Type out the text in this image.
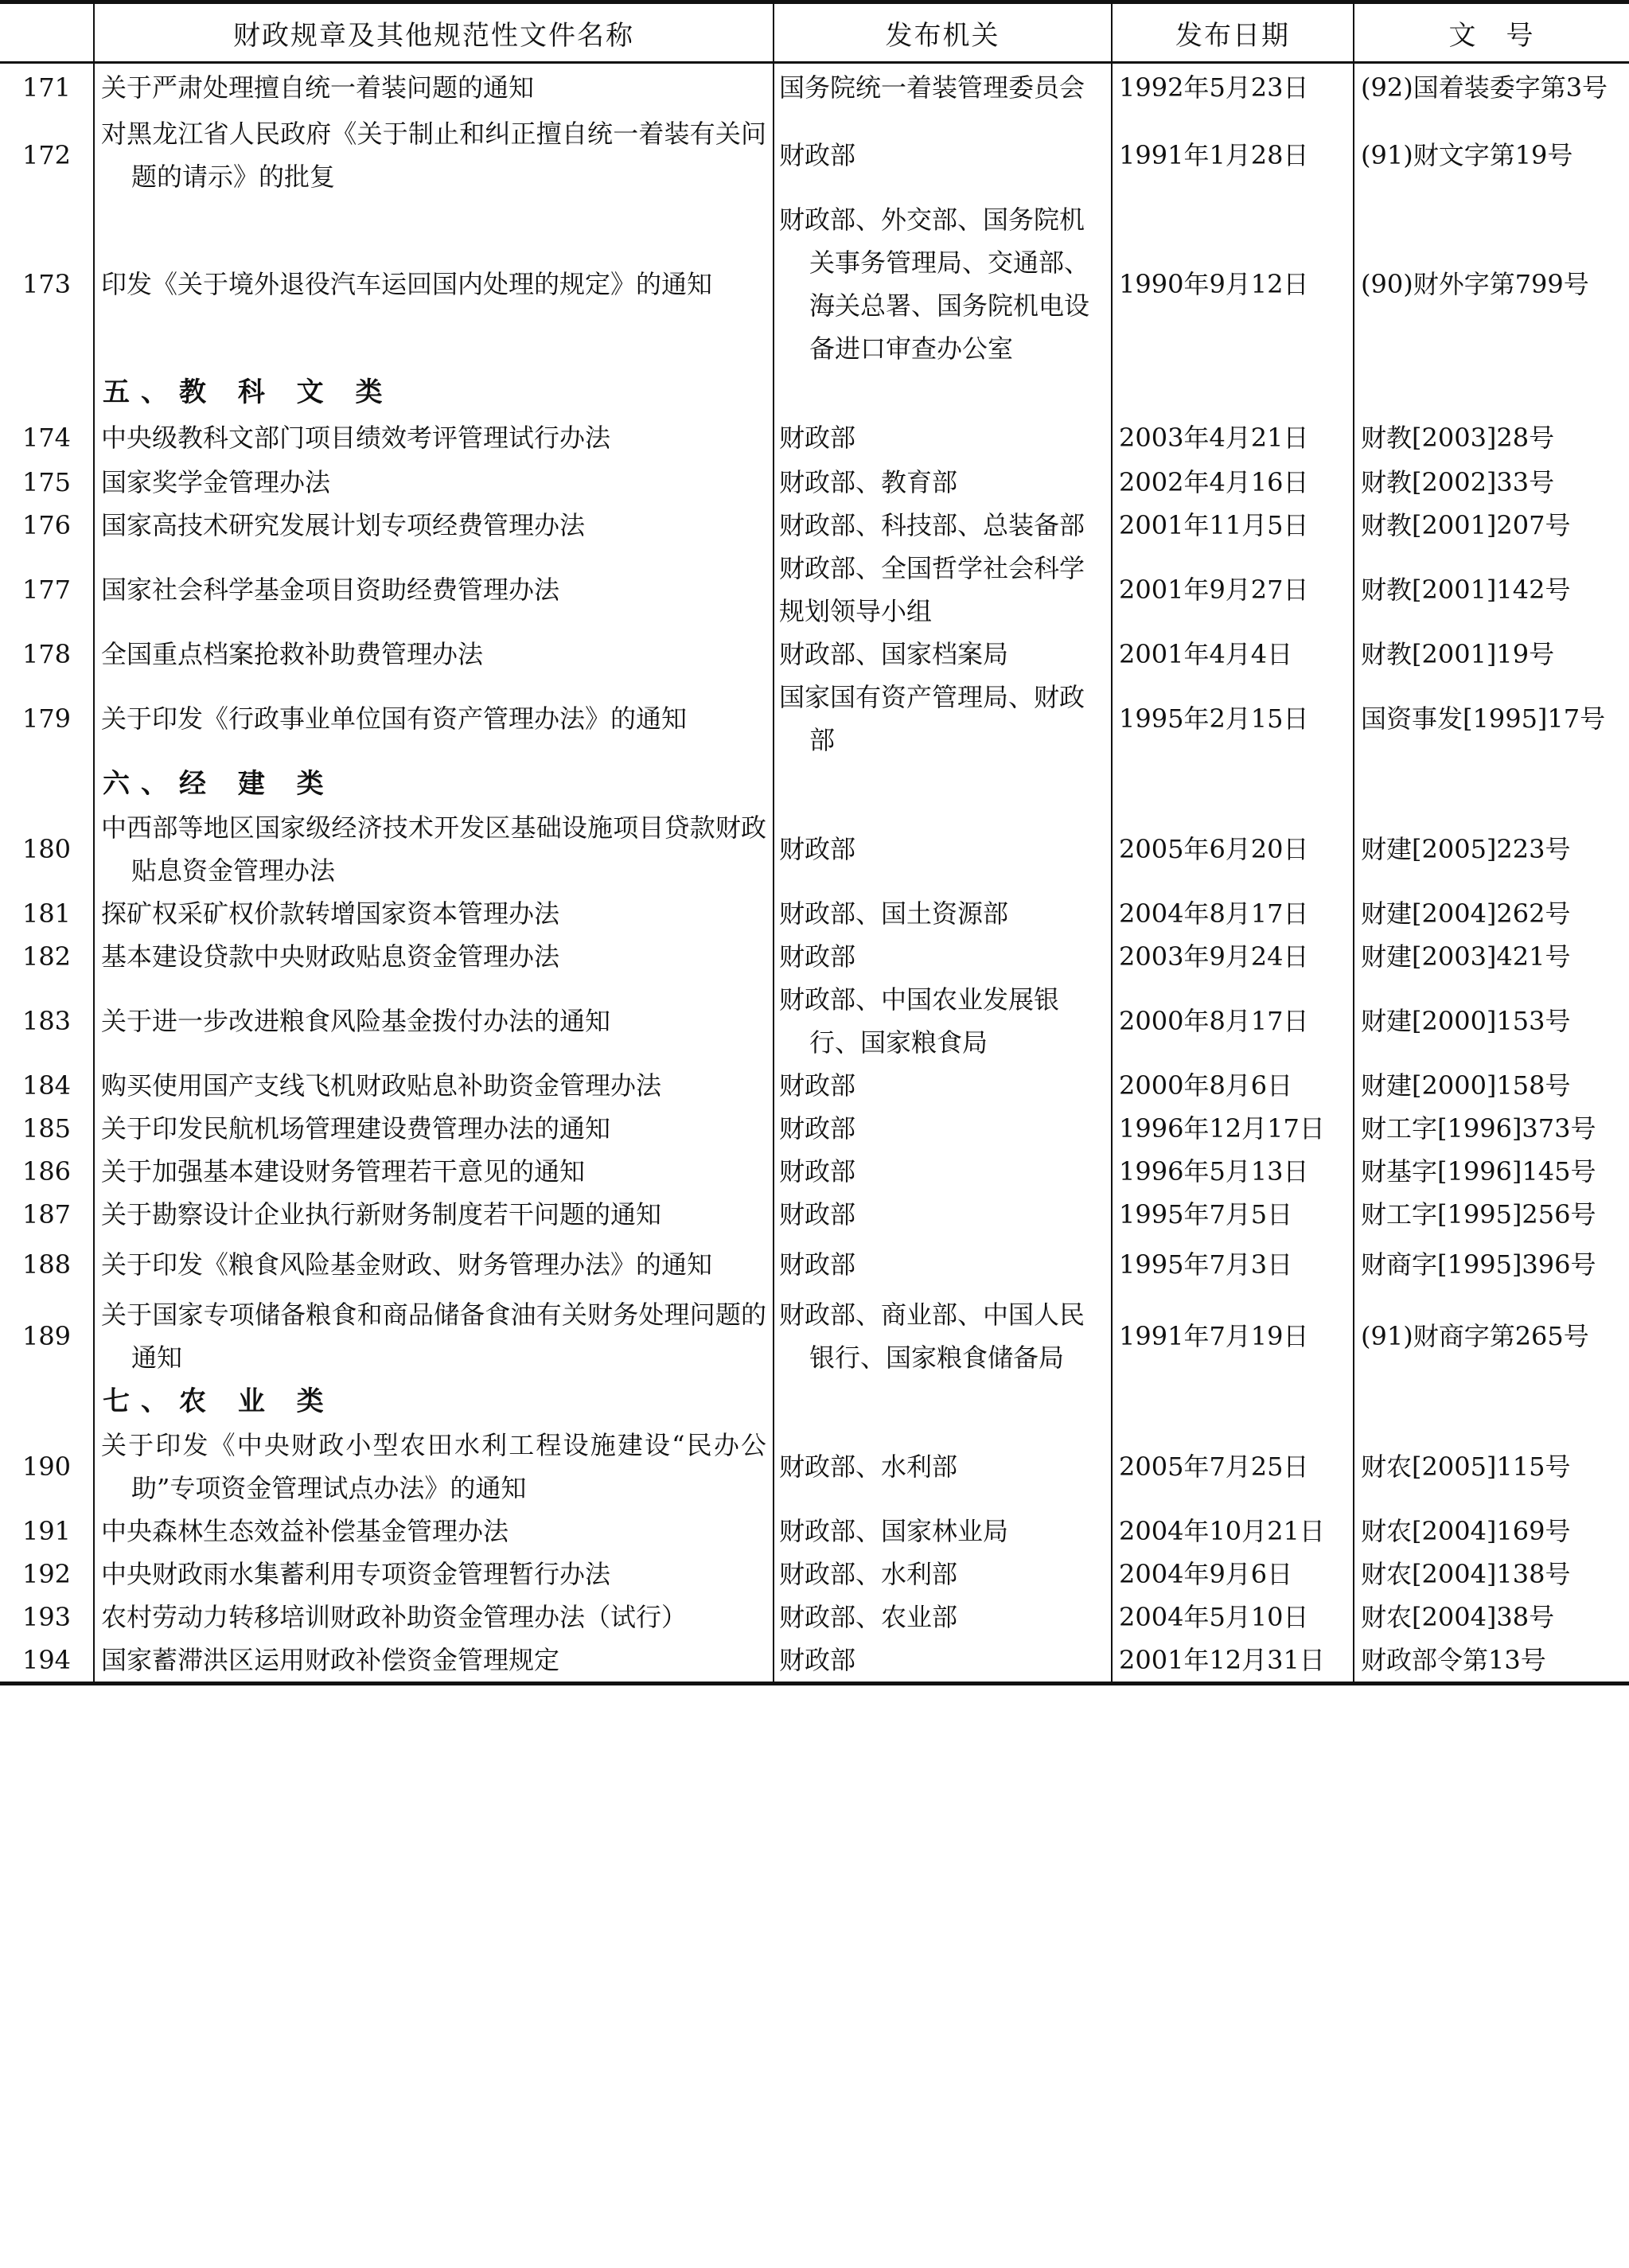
	财政规章及其他规范性文件名称	发布机关	发布日期	文　号
171	关于严肃处理擅自统一着装问题的通知	国务院统一着装管理委员会	1992年5月23日	(92)国着装委字第3号
172	对黑龙江省人民政府《关于制止和纠正擅自统一着装有关问题的请示》的批复	财政部	1991年1月28日	(91)财文字第19号
173	印发《关于境外退役汽车运回国内处理的规定》的通知	财政部、外交部、国务院机关事务管理局、交通部、海关总署、国务院机电设备进口审查办公室	1990年9月12日	(90)财外字第799号
	五、教 科 文 类			
174	中央级教科文部门项目绩效考评管理试行办法	财政部	2003年4月21日	财教[2003]28号
175	国家奖学金管理办法	财政部、教育部	2002年4月16日	财教[2002]33号
176	国家高技术研究发展计划专项经费管理办法	财政部、科技部、总装备部	2001年11月5日	财教[2001]207号
177	国家社会科学基金项目资助经费管理办法	财政部、全国哲学社会科学规划领导小组	2001年9月27日	财教[2001]142号
178	全国重点档案抢救补助费管理办法	财政部、国家档案局	2001年4月4日	财教[2001]19号
179	关于印发《行政事业单位国有资产管理办法》的通知	国家国有资产管理局、财政部	1995年2月15日	国资事发[1995]17号
	六、经 建 类			
180	中西部等地区国家级经济技术开发区基础设施项目贷款财政贴息资金管理办法	财政部	2005年6月20日	财建[2005]223号
181	探矿权采矿权价款转增国家资本管理办法	财政部、国土资源部	2004年8月17日	财建[2004]262号
182	基本建设贷款中央财政贴息资金管理办法	财政部	2003年9月24日	财建[2003]421号
183	关于进一步改进粮食风险基金拨付办法的通知	财政部、中国农业发展银行、国家粮食局	2000年8月17日	财建[2000]153号
184	购买使用国产支线飞机财政贴息补助资金管理办法	财政部	2000年8月6日	财建[2000]158号
185	关于印发民航机场管理建设费管理办法的通知	财政部	1996年12月17日	财工字[1996]373号
186	关于加强基本建设财务管理若干意见的通知	财政部	1996年5月13日	财基字[1996]145号
187	关于勘察设计企业执行新财务制度若干问题的通知	财政部	1995年7月5日	财工字[1995]256号
188	关于印发《粮食风险基金财政、财务管理办法》的通知	财政部	1995年7月3日	财商字[1995]396号
189	关于国家专项储备粮食和商品储备食油有关财务处理问题的通知	财政部、商业部、中国人民银行、国家粮食储备局	1991年7月19日	(91)财商字第265号
	七、农 业 类			
190	关于印发《中央财政小型农田水利工程设施建设“民办公助”专项资金管理试点办法》的通知	财政部、水利部	2005年7月25日	财农[2005]115号
191	中央森林生态效益补偿基金管理办法	财政部、国家林业局	2004年10月21日	财农[2004]169号
192	中央财政雨水集蓄利用专项资金管理暂行办法	财政部、水利部	2004年9月6日	财农[2004]138号
193	农村劳动力转移培训财政补助资金管理办法（试行）	财政部、农业部	2004年5月10日	财农[2004]38号
194	国家蓄滞洪区运用财政补偿资金管理规定	财政部	2001年12月31日	财政部令第13号
